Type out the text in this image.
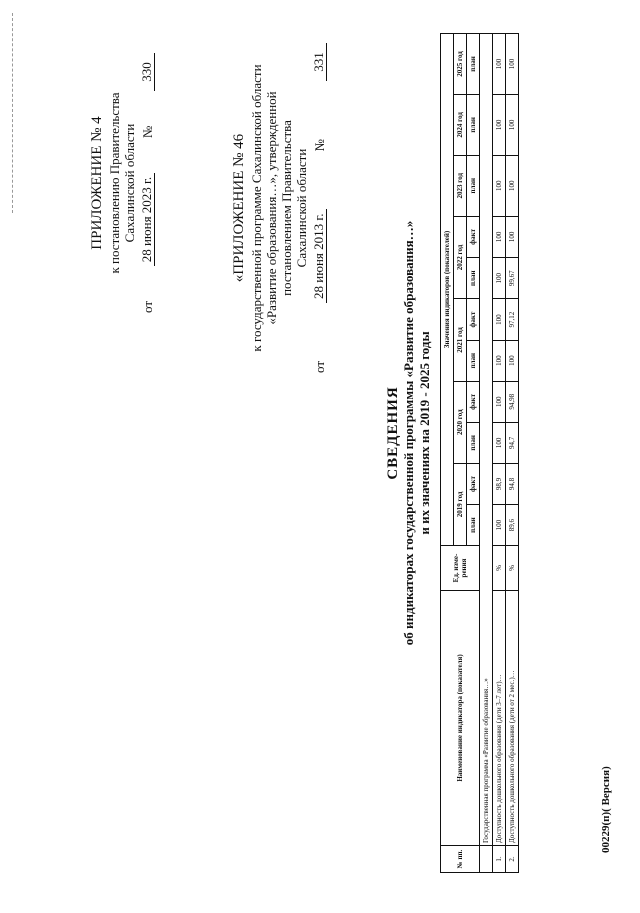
ПРИЛОЖЕНИЕ № 4 к постановлению Правительства Сахалинской области
от
28 июня 2023 г.
№
330
«ПРИЛОЖЕНИЕ № 46 к государственной программе Сахалинской области «Развитие образования…», утвержденной постановлением Правительства Сахалинской области
от
28 июня 2013 г.
№
331
СВЕДЕНИЯ об индикаторах государственной программы «Развитие образования…» и их значениях на 2019 - 2025 годы
№ пп.	Наименование индикатора (показателя)	Ед. изме- рения	Значения индикаторов (показателей)										
			2019 год		2020 год		2021 год		2022 год		2023 год	2024 год	2025 год
			план	факт	план	факт	план	факт	план	факт	план	план	план
	Государственная программа «Развитие образования…»												
1.	Доступность дошкольного образования (дети 3–7 лет)…	%	100	98,9	100	100	100	100	100	100	100	100	100
2.	Доступность дошкольного образования (дети от 2 мес.)…	%	89,6	94,8	94,7	94,98	100	97,12	99,67	100	100	100	100
00229(п)( Версия)
